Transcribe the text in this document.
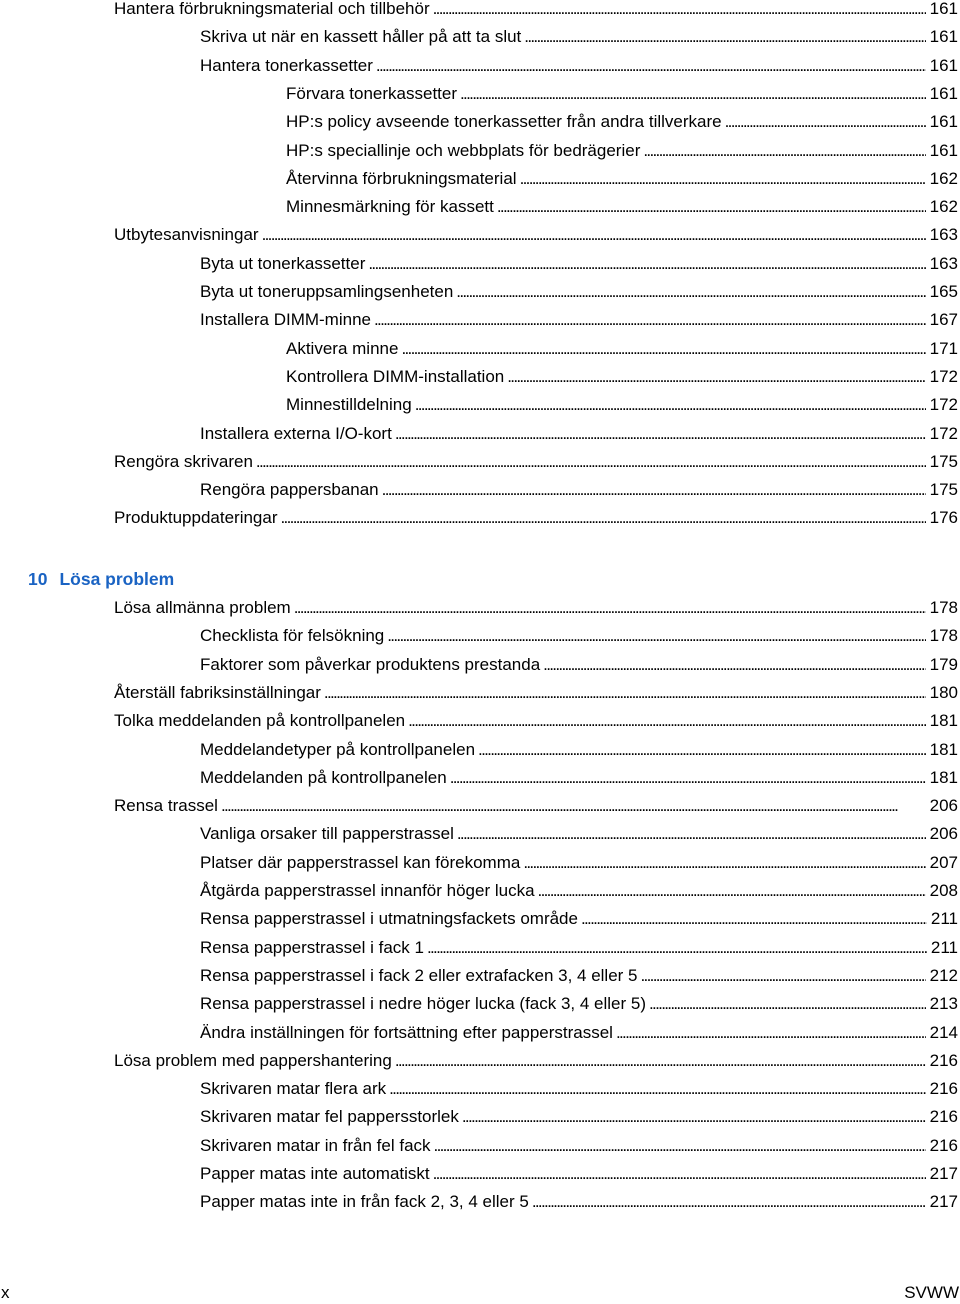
Hantera förbrukningsmaterial och tillbehör . . .	161
Skriva ut när en kassett håller på att ta slut . . .	161
Hantera tonerkassetter . . .	161
Förvara tonerkassetter . . .	161
HP:s policy avseende tonerkassetter från andra tillverkare . . .	161
HP:s speciallinje och webbplats för bedrägerier . . .	161
Återvinna förbrukningsmaterial . . .	162
Minnesmärkning för kassett . . .	162
Utbytesanvisningar . . .	163
Byta ut tonerkassetter . . .	163
Byta ut toneruppsamlingsenheten . . .	165
Installera DIMM-minne . . .	167
Aktivera minne . . .	171
Kontrollera DIMM-installation . . .	172
Minnestilldelning . . .	172
Installera externa I/O-kort . . .	172
Rengöra skrivaren . . .	175
Rengöra pappersbanan . . .	175
Produktuppdateringar . . .	176
Lösa allmänna problem . . .	178
Checklista för felsökning . . .	178
Faktorer som påverkar produktens prestanda . . .	179
Återställ fabriksinställningar . . .	180
Tolka meddelanden på kontrollpanelen . . .	181
Meddelandetyper på kontrollpanelen . . .	181
Meddelanden på kontrollpanelen . . .	181
Rensa trassel . . .	206
Vanliga orsaker till papperstrassel . . .	206
Platser där papperstrassel kan förekomma . . .	207
Åtgärda papperstrassel innanför höger lucka . . .	208
Rensa papperstrassel i utmatningsfackets område . . .	211
Rensa papperstrassel i fack 1 . . .	211
Rensa papperstrassel i fack 2 eller extrafacken 3, 4 eller 5 . . .	212
Rensa papperstrassel i nedre höger lucka (fack 3, 4 eller 5) . . .	213
Ändra inställningen för fortsättning efter papperstrassel . . .	214
Lösa problem med pappershantering . . .	216
Skrivaren matar flera ark . . .	216
Skrivaren matar fel pappersstorlek . . .	216
Skrivaren matar in från fel fack . . .	216
Papper matas inte automatiskt . . .	217
Papper matas inte in från fack 2, 3, 4 eller 5 . . .	217
10 Lösa problem
x	SVWW
